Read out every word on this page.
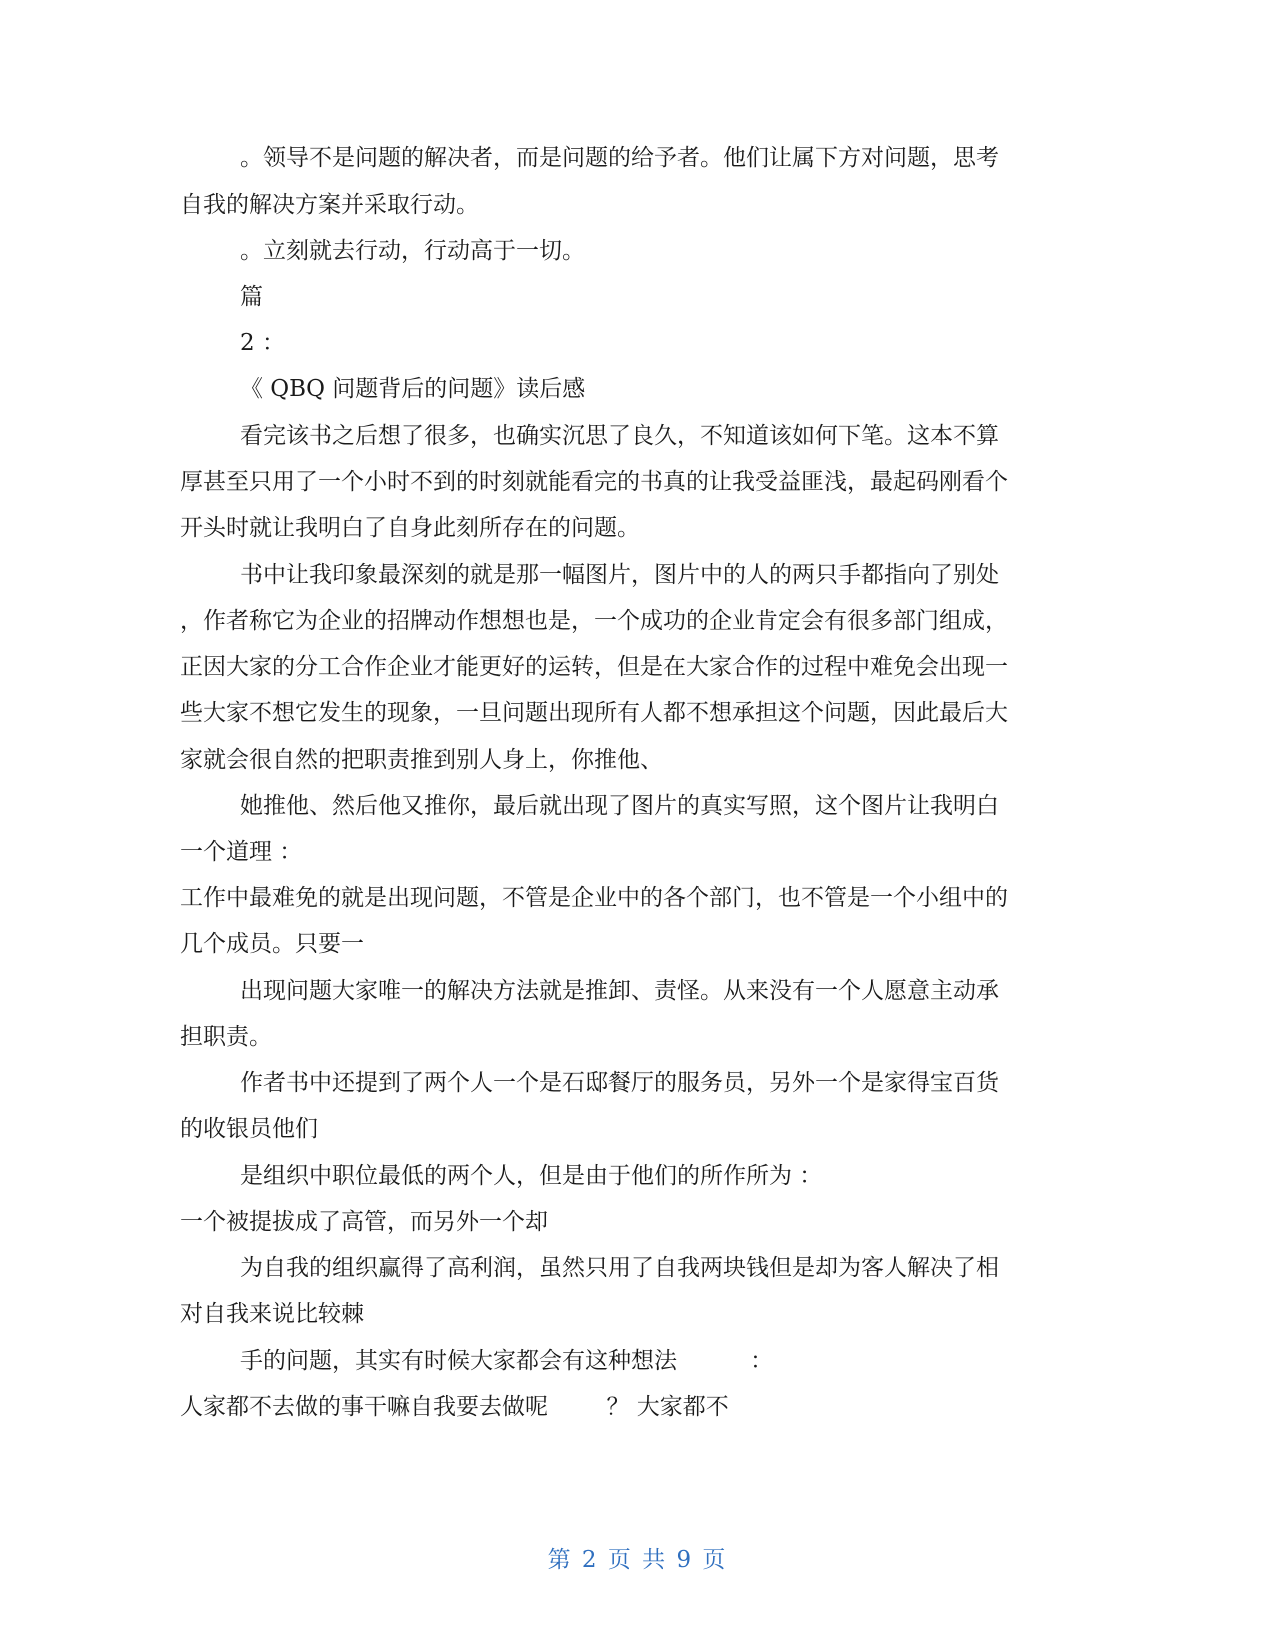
。领导不是问题的解决者，而是问题的给予者。他们让属下方对问题，思考
自我的解决方案并采取行动。
。立刻就去行动，行动高于一切。
篇
2 ：
《 QBQ 问题背后的问题》读后感
看完该书之后想了很多，也确实沉思了良久，不知道该如何下笔。这本不算
厚甚至只用了一个小时不到的时刻就能看完的书真的让我受益匪浅，最起码刚看个
开头时就让我明白了自身此刻所存在的问题。
书中让我印象最深刻的就是那一幅图片，图片中的人的两只手都指向了别处
，作者称它为企业的招牌动作想想也是，一个成功的企业肯定会有很多部门组成，
正因大家的分工合作企业才能更好的运转，但是在大家合作的过程中难免会出现一
些大家不想它发生的现象，一旦问题出现所有人都不想承担这个问题，因此最后大
家就会很自然的把职责推到别人身上，你推他、
她推他、然后他又推你，最后就出现了图片的真实写照，这个图片让我明白
一个道理 ：
工作中最难免的就是出现问题，不管是企业中的各个部门，也不管是一个小组中的
几个成员。只要一
出现问题大家唯一的解决方法就是推卸、责怪。从来没有一个人愿意主动承
担职责。
作者书中还提到了两个人一个是石邸餐厅的服务员，另外一个是家得宝百货
的收银员他们
是组织中职位最低的两个人，但是由于他们的所作所为 ：
一个被提拔成了高管，而另外一个却
为自我的组织赢得了高利润，虽然只用了自我两块钱但是却为客人解决了相
对自我来说比较棘
手的问题，其实有时候大家都会有这种想法          ：
人家都不去做的事干嘛自我要去做呢        ？ 大家都不
第 2 页 共 9 页
